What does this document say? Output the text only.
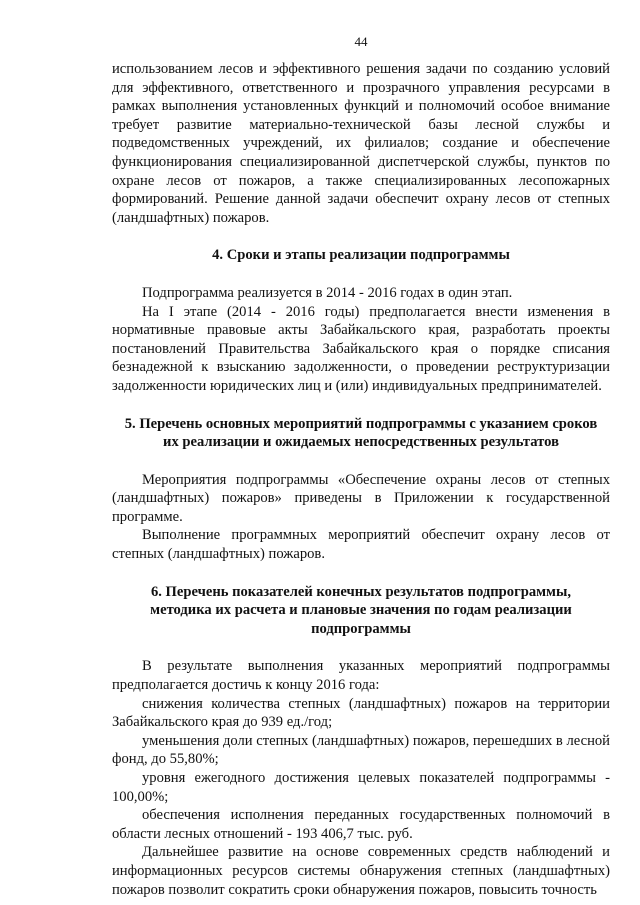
44

использованием лесов и эффективного решения задачи по созданию условий для эффективного, ответственного и прозрачного управления ресурсами в рамках выполнения установленных функций и полномочий особое внимание требует развитие материально-технической базы лесной службы и подведомственных учреждений, их филиалов; создание и обеспечение функционирования специализированной диспетчерской службы, пунктов по охране лесов от пожаров, а также специализированных лесопожарных формирований. Решение данной задачи обеспечит охрану лесов от степных (ландшафтных) пожаров.

4. Сроки и этапы реализации подпрограммы

Подпрограмма реализуется в 2014 - 2016 годах в один этап.

На I этапе (2014 - 2016 годы) предполагается внести изменения в нормативные правовые акты Забайкальского края, разработать проекты постановлений Правительства Забайкальского края о порядке списания безнадежной к взысканию задолженности, о проведении реструктуризации задолженности юридических лиц и (или) индивидуальных предпринимателей.

5. Перечень основных мероприятий подпрограммы с указанием сроков
их реализации и ожидаемых непосредственных результатов

Мероприятия подпрограммы «Обеспечение охраны лесов от степных (ландшафтных) пожаров» приведены в Приложении к государственной программе.

Выполнение программных мероприятий обеспечит охрану лесов от степных (ландшафтных) пожаров.

6. Перечень показателей конечных результатов подпрограммы,
методика их расчета и плановые значения по годам реализации
подпрограммы

В результате выполнения указанных мероприятий подпрограммы предполагается достичь к концу 2016 года:

снижения количества степных (ландшафтных) пожаров на территории Забайкальского края до 939 ед./год;

уменьшения доли степных (ландшафтных) пожаров, перешедших в лесной фонд, до 55,80%;

уровня ежегодного достижения целевых показателей подпрограммы - 100,00%;

обеспечения исполнения переданных государственных полномочий в области лесных отношений - 193 406,7 тыс. руб.

Дальнейшее развитие на основе современных средств наблюдений и информационных ресурсов системы обнаружения степных (ландшафтных) пожаров позволит сократить сроки обнаружения пожаров, повысить точность
